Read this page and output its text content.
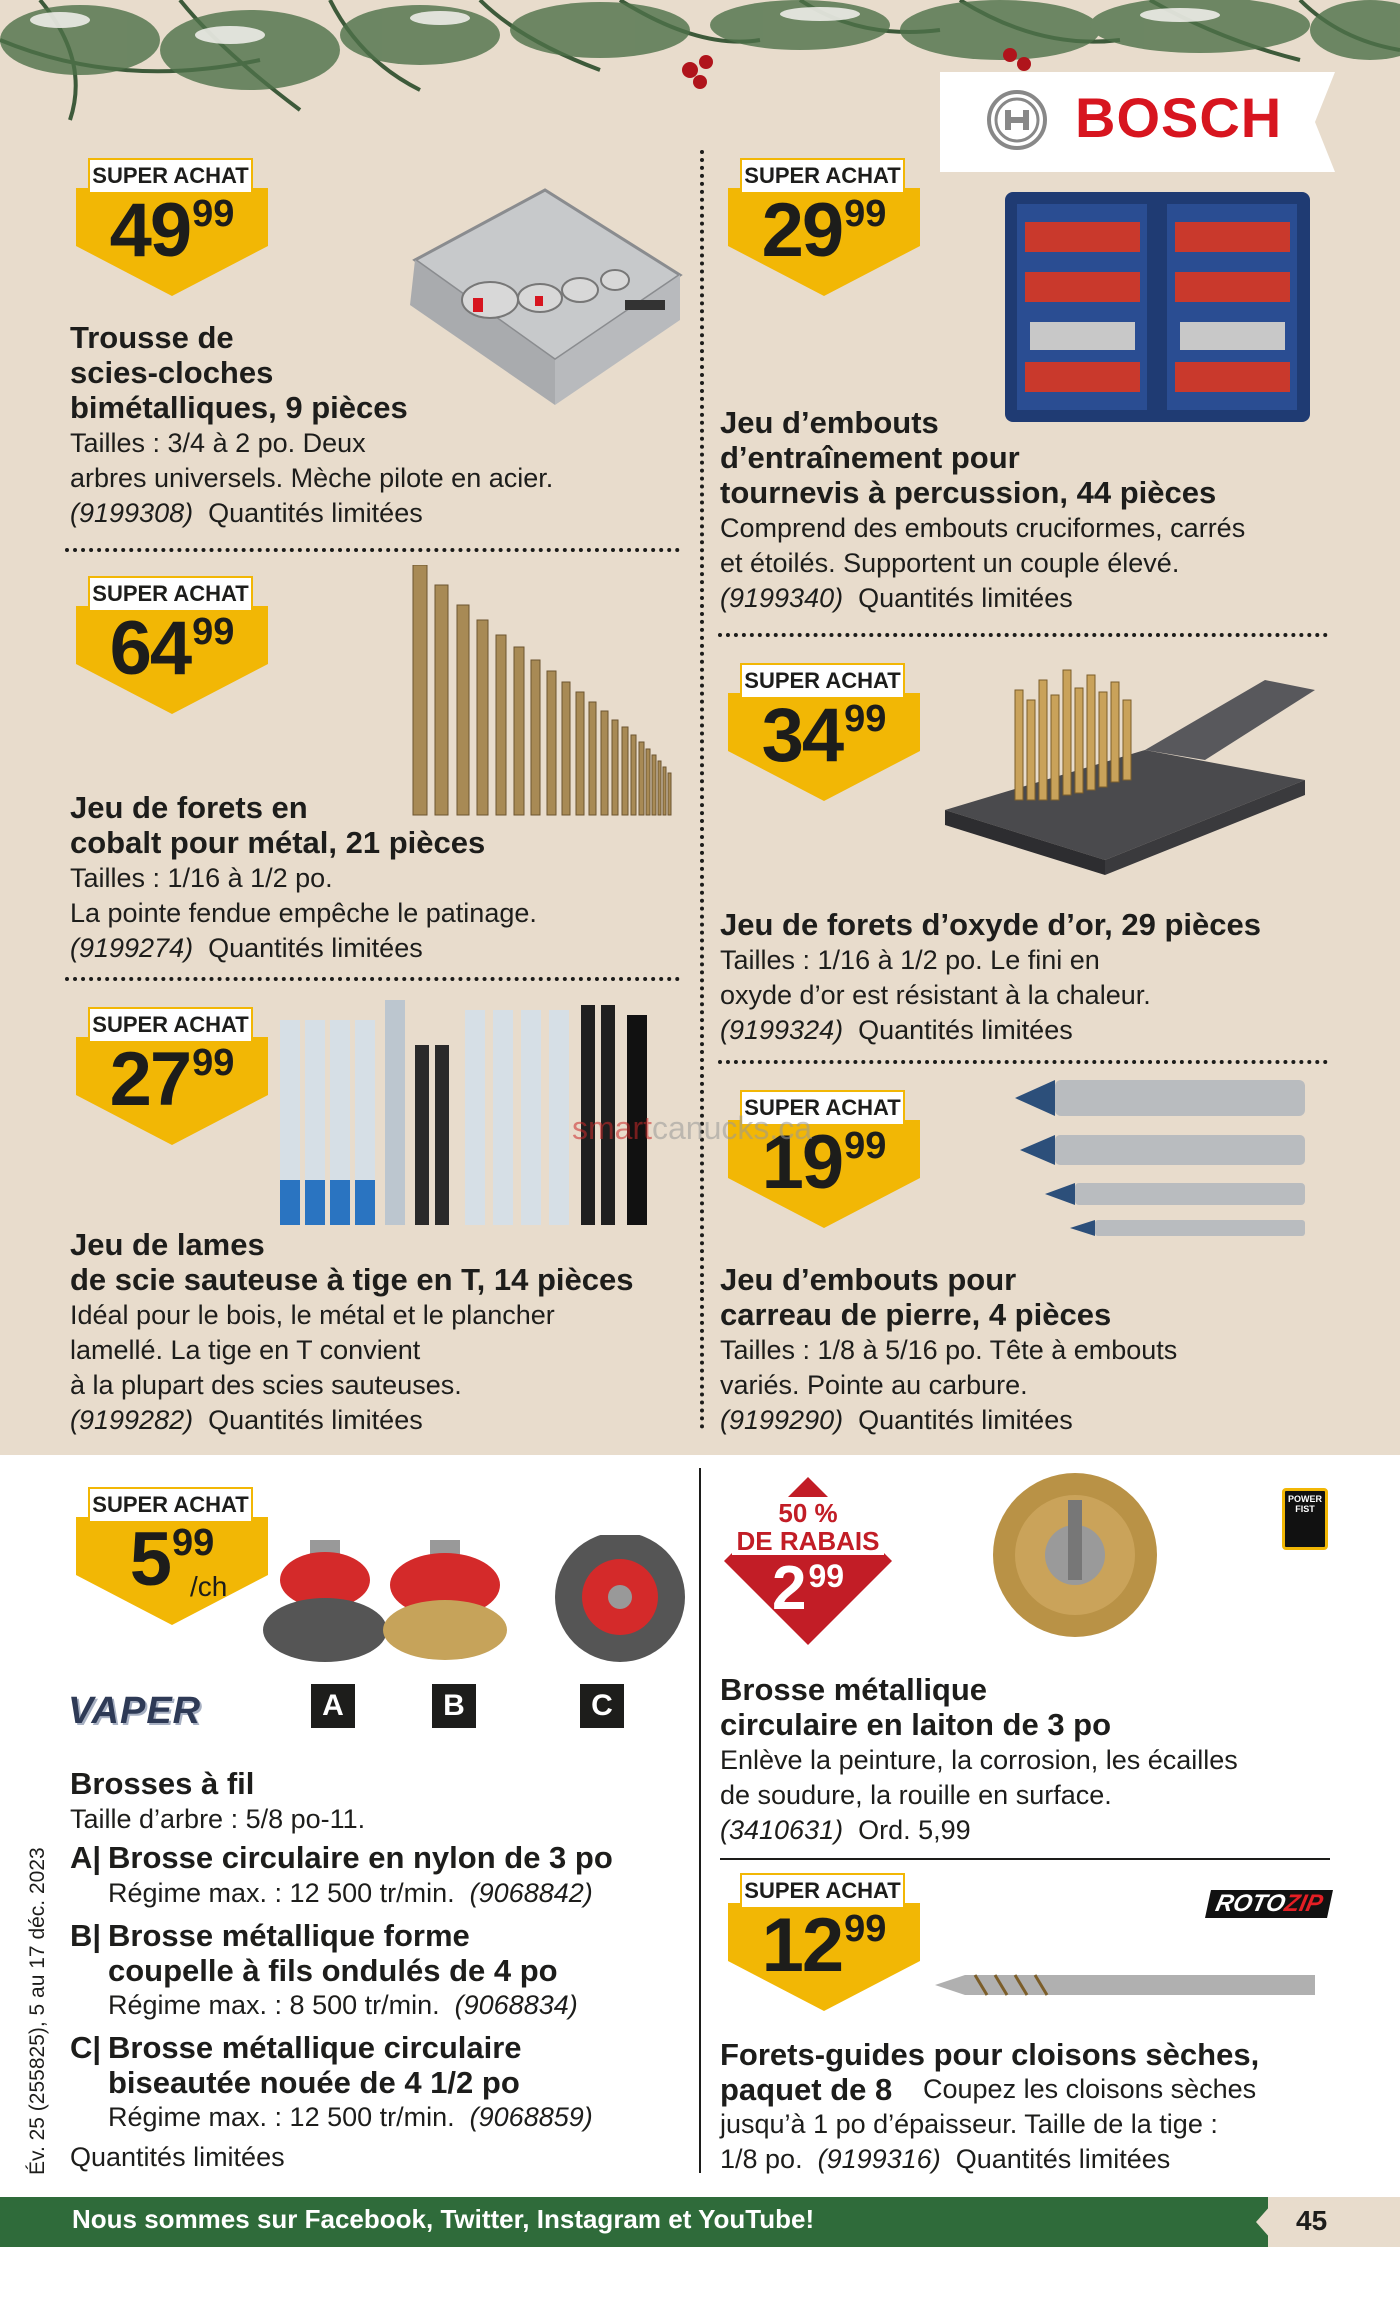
BOSCH
SUPER ACHAT
49 99
Trousse de
scies-cloches
bimétalliques, 9 pièces
Tailles : 3/4 à 2 po. Deux
arbres universels. Mèche pilote en acier.
(9199308) Quantités limitées
SUPER ACHAT
29 99
Jeu d’embouts
d’entraînement pour
tournevis à percussion, 44 pièces
Comprend des embouts cruciformes, carrés
et étoilés. Supportent un couple élevé.
(9199340) Quantités limitées
SUPER ACHAT
64 99
Jeu de forets en
cobalt pour métal, 21 pièces
Tailles : 1/16 à 1/2 po.
La pointe fendue empêche le patinage.
(9199274) Quantités limitées
SUPER ACHAT
34 99
Jeu de forets d’oxyde d’or, 29 pièces
Tailles : 1/16 à 1/2 po. Le fini en
oxyde d’or est résistant à la chaleur.
(9199324) Quantités limitées
SUPER ACHAT
27 99
Jeu de lames
de scie sauteuse à tige en T, 14 pièces
Idéal pour le bois, le métal et le plancher
lamellé. La tige en T convient
à la plupart des scies sauteuses.
(9199282) Quantités limitées
SUPER ACHAT
19 99
smartcanucks.ca
Jeu d’embouts pour
carreau de pierre, 4 pièces
Tailles : 1/8 à 5/16 po. Tête à embouts
variés. Pointe au carbure.
(9199290) Quantités limitées
SUPER ACHAT
5 99
/ch
VAPER	A	B	C
Brosses à fil
Taille d’arbre : 5/8 po-11.
A| Brosse circulaire en nylon de 3 po
Régime max. : 12 500 tr/min. (9068842)
B| Brosse métallique forme
coupelle à fils ondulés de 4 po
Régime max. : 8 500 tr/min. (9068834)
C| Brosse métallique circulaire
biseautée nouée de 4 1/2 po
Régime max. : 12 500 tr/min. (9068859)
Quantités limitées
50 %
DE RABAIS
2 99
POWER
FIST
Brosse métallique
circulaire en laiton de 3 po
Enlève la peinture, la corrosion, les écailles
de soudure, la rouille en surface.
(3410631) Ord. 5,99
SUPER ACHAT
12 99
ROTOZIP
Forets-guides pour cloisons sèches,
paquet de 8 Coupez les cloisons sèches
jusqu’à 1 po d’épaisseur. Taille de la tige :
1/8 po. (9199316) Quantités limitées
Év. 25 (255825), 5 au 17 déc. 2023
Nous sommes sur Facebook, Twitter, Instagram et YouTube!	45
